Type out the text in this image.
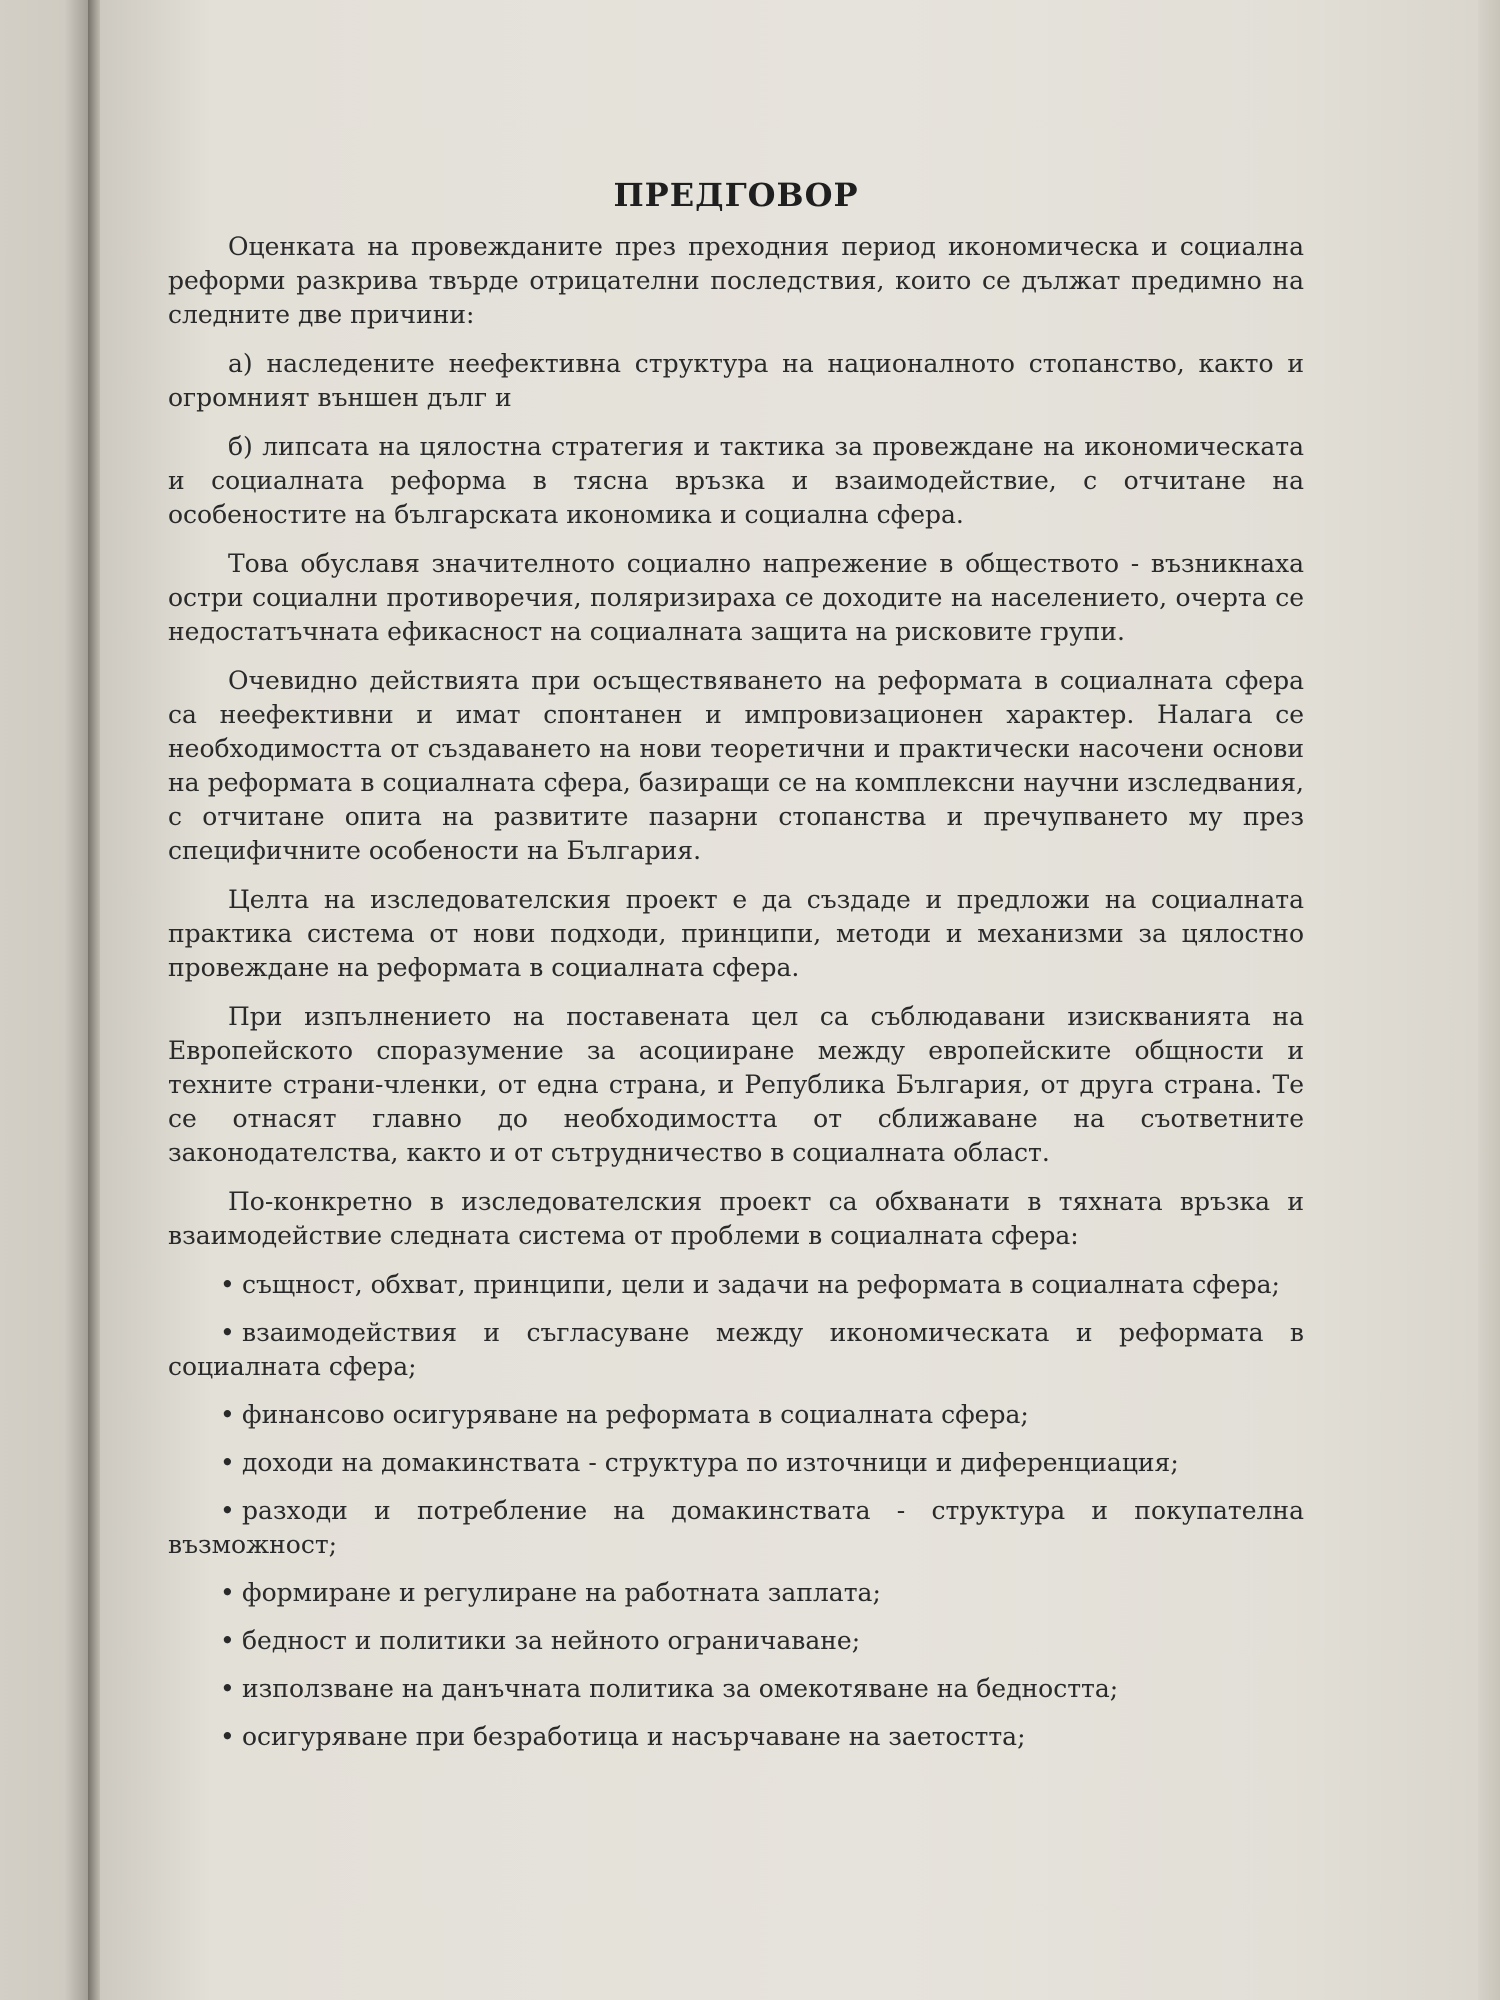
ПРЕДГОВОР

Оценката на провежданите през преходния период икономическа и социална реформи разкрива твърде отрицателни последствия, които се дължат предимно на следните две причини:

а) наследените неефективна структура на националното стопанство, както и огромният външен дълг и

б) липсата на цялостна стратегия и тактика за провеждане на икономическата и социалната реформа в тясна връзка и взаимодействие, с отчитане на особеностите на българската икономика и социална сфера.

Това обуславя значителното социално напрежение в обществото - възникнаха остри социални противоречия, поляризираха се доходите на населението, очерта се недостатъчната ефикасност на социалната защита на рисковите групи.

Очевидно действията при осъществяването на реформата в социалната сфера са неефективни и имат спонтанен и импровизационен характер. Налага се необходимостта от създаването на нови теоретични и практически насочени основи на реформата в социалната сфера, базиращи се на комплексни научни изследвания, с отчитане опита на развитите пазарни стопанства и пречупването му през специфичните особености на България.

Целта на изследователския проект е да създаде и предложи на социалната практика система от нови подходи, принципи, методи и механизми за цялостно провеждане на реформата в социалната сфера.

При изпълнението на поставената цел са съблюдавани изискванията на Европейското споразумение за асоцииране между европейските общности и техните страни-членки, от една страна, и Република България, от друга страна. Те се отнасят главно до необходимостта от сближаване на съответните законодателства, както и от сътрудничество в социалната област.

По-конкретно в изследователския проект са обхванати в тяхната връзка и взаимодействие следната система от проблеми в социалната сфера:

• същност, обхват, принципи, цели и задачи на реформата в социалната сфера;

• взаимодействия и съгласуване между икономическата и реформата в социалната сфера;

• финансово осигуряване на реформата в социалната сфера;

• доходи на домакинствата - структура по източници и диференциация;

• разходи и потребление на домакинствата - структура и покупателна възможност;

• формиране и регулиране на работната заплата;

• бедност и политики за нейното ограничаване;

• използване на данъчната политика за омекотяване на бедността;

• осигуряване при безработица и насърчаване на заетостта;
